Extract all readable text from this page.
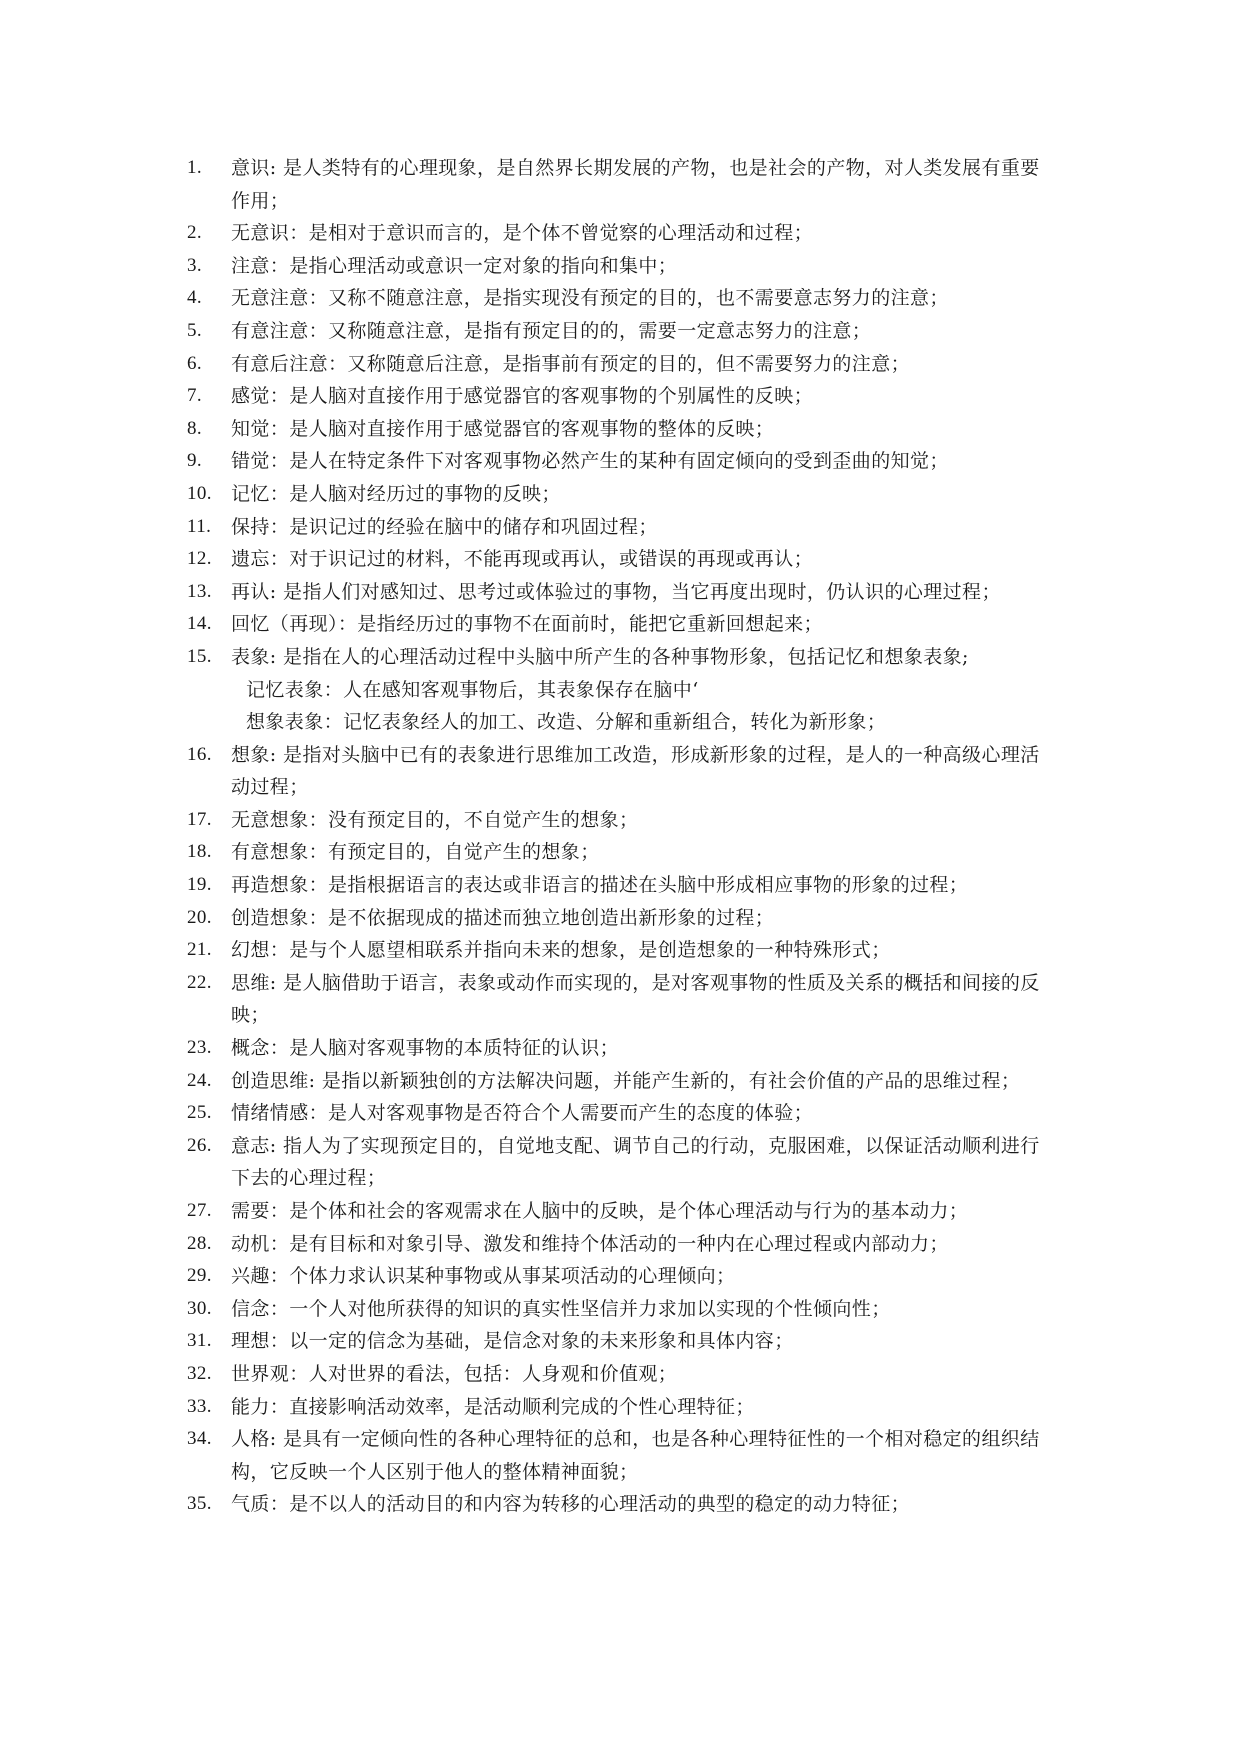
1.	意识: 是人类特有的心理现象，是自然界长期发展的产物，也是社会的产物，对人类发展有重要作用；
2.	无意识：是相对于意识而言的，是个体不曾觉察的心理活动和过程；
3.	注意：是指心理活动或意识一定对象的指向和集中；
4.	无意注意：又称不随意注意，是指实现没有预定的目的，也不需要意志努力的注意；
5.	有意注意：又称随意注意，是指有预定目的的，需要一定意志努力的注意；
6.	有意后注意：又称随意后注意，是指事前有预定的目的，但不需要努力的注意；
7.	感觉：是人脑对直接作用于感觉器官的客观事物的个别属性的反映；
8.	知觉：是人脑对直接作用于感觉器官的客观事物的整体的反映；
9.	错觉：是人在特定条件下对客观事物必然产生的某种有固定倾向的受到歪曲的知觉；
10.	记忆：是人脑对经历过的事物的反映；
11.	保持：是识记过的经验在脑中的储存和巩固过程；
12.	遗忘：对于识记过的材料，不能再现或再认，或错误的再现或再认；
13.	再认: 是指人们对感知过、思考过或体验过的事物，当它再度出现时，仍认识的心理过程；
14.	回忆（再现）：是指经历过的事物不在面前时，能把它重新回想起来；
15.	表象: 是指在人的心理活动过程中头脑中所产生的各种事物形象，包括记忆和想象表象;
记忆表象：人在感知客观事物后，其表象保存在脑中‘
想象表象：记忆表象经人的加工、改造、分解和重新组合，转化为新形象；
16.	想象: 是指对头脑中已有的表象进行思维加工改造，形成新形象的过程，是人的一种高级心理活动过程；
17.	无意想象：没有预定目的，不自觉产生的想象；
18.	有意想象：有预定目的，自觉产生的想象；
19.	再造想象：是指根据语言的表达或非语言的描述在头脑中形成相应事物的形象的过程；
20.	创造想象：是不依据现成的描述而独立地创造出新形象的过程；
21.	幻想：是与个人愿望相联系并指向未来的想象，是创造想象的一种特殊形式；
22.	思维: 是人脑借助于语言，表象或动作而实现的，是对客观事物的性质及关系的概括和间接的反映；
23.	概念：是人脑对客观事物的本质特征的认识；
24.	创造思维: 是指以新颖独创的方法解决问题，并能产生新的，有社会价值的产品的思维过程；
25.	情绪情感：是人对客观事物是否符合个人需要而产生的态度的体验；
26.	意志: 指人为了实现预定目的，自觉地支配、调节自己的行动，克服困难，以保证活动顺利进行下去的心理过程；
27.	需要：是个体和社会的客观需求在人脑中的反映，是个体心理活动与行为的基本动力；
28.	动机：是有目标和对象引导、激发和维持个体活动的一种内在心理过程或内部动力；
29.	兴趣：个体力求认识某种事物或从事某项活动的心理倾向；
30.	信念：一个人对他所获得的知识的真实性坚信并力求加以实现的个性倾向性；
31.	理想：以一定的信念为基础，是信念对象的未来形象和具体内容；
32.	世界观：人对世界的看法，包括：人身观和价值观；
33.	能力：直接影响活动效率，是活动顺利完成的个性心理特征；
34.	人格: 是具有一定倾向性的各种心理特征的总和，也是各种心理特征性的一个相对稳定的组织结构，它反映一个人区别于他人的整体精神面貌；
35.	气质：是不以人的活动目的和内容为转移的心理活动的典型的稳定的动力特征；
